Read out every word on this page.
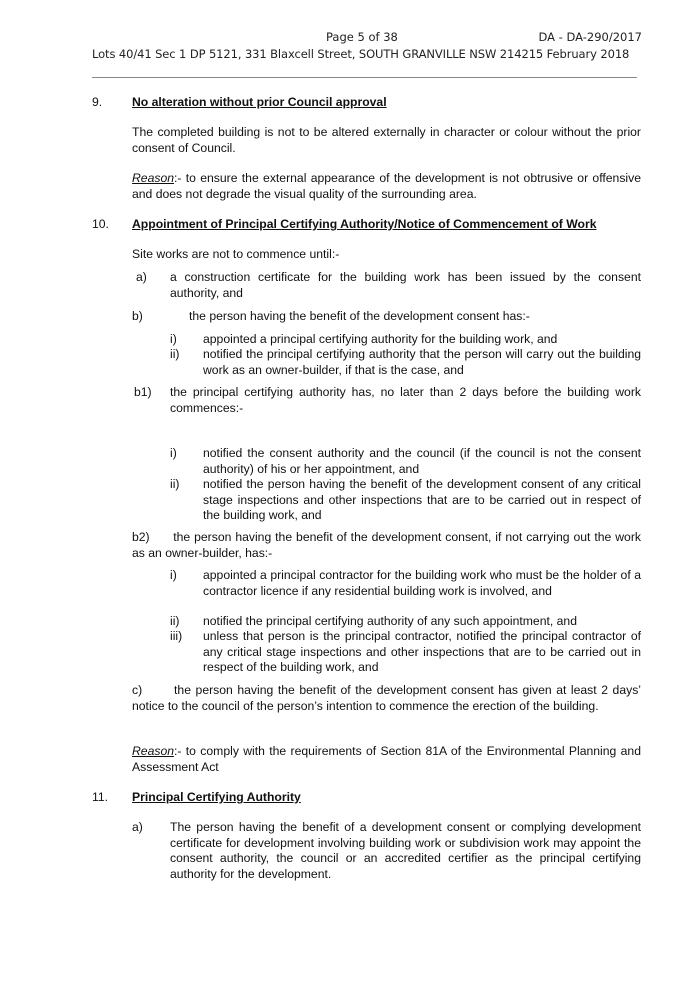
Page 5 of 38	DA - DA-290/2017
Lots 40/41 Sec 1 DP 5121, 331 Blaxcell Street, SOUTH GRANVILLE NSW 214215 February 2018
9. No alteration without prior Council approval
The completed building is not to be altered externally in character or colour without the prior consent of Council.
Reason:- to ensure the external appearance of the development is not obtrusive or offensive and does not degrade the visual quality of the surrounding area.
10. Appointment of Principal Certifying Authority/Notice of Commencement of Work
Site works are not to commence until:-
a) a construction certificate for the building work has been issued by the consent authority, and
b)	the person having the benefit of the development consent has:-
i) appointed a principal certifying authority for the building work, and
ii) notified the principal certifying authority that the person will carry out the building work as an owner-builder, if that is the case, and
b1) the principal certifying authority has, no later than 2 days before the building work commences:-
i) notified the consent authority and the council (if the council is not the consent authority) of his or her appointment, and
ii) notified the person having the benefit of the development consent of any critical stage inspections and other inspections that are to be carried out in respect of the building work, and
b2)      the person having the benefit of the development consent, if not carrying out the work as an owner-builder, has:-
i) appointed a principal contractor for the building work who must be the holder of a contractor licence if any residential building work is involved, and
ii) notified the principal certifying authority of any such appointment, and
iii) unless that person is the principal contractor, notified the principal contractor of any critical stage inspections and other inspections that are to be carried out in respect of the building work, and
c)       the person having the benefit of the development consent has given at least 2 days’ notice to the council of the person’s intention to commence the erection of the building.
Reason:- to comply with the requirements of Section 81A of the Environmental Planning and Assessment Act
11. Principal Certifying Authority
a) The person having the benefit of a development consent or complying development certificate for development involving building work or subdivision work may appoint the consent authority, the council or an accredited certifier as the principal certifying authority for the development.
